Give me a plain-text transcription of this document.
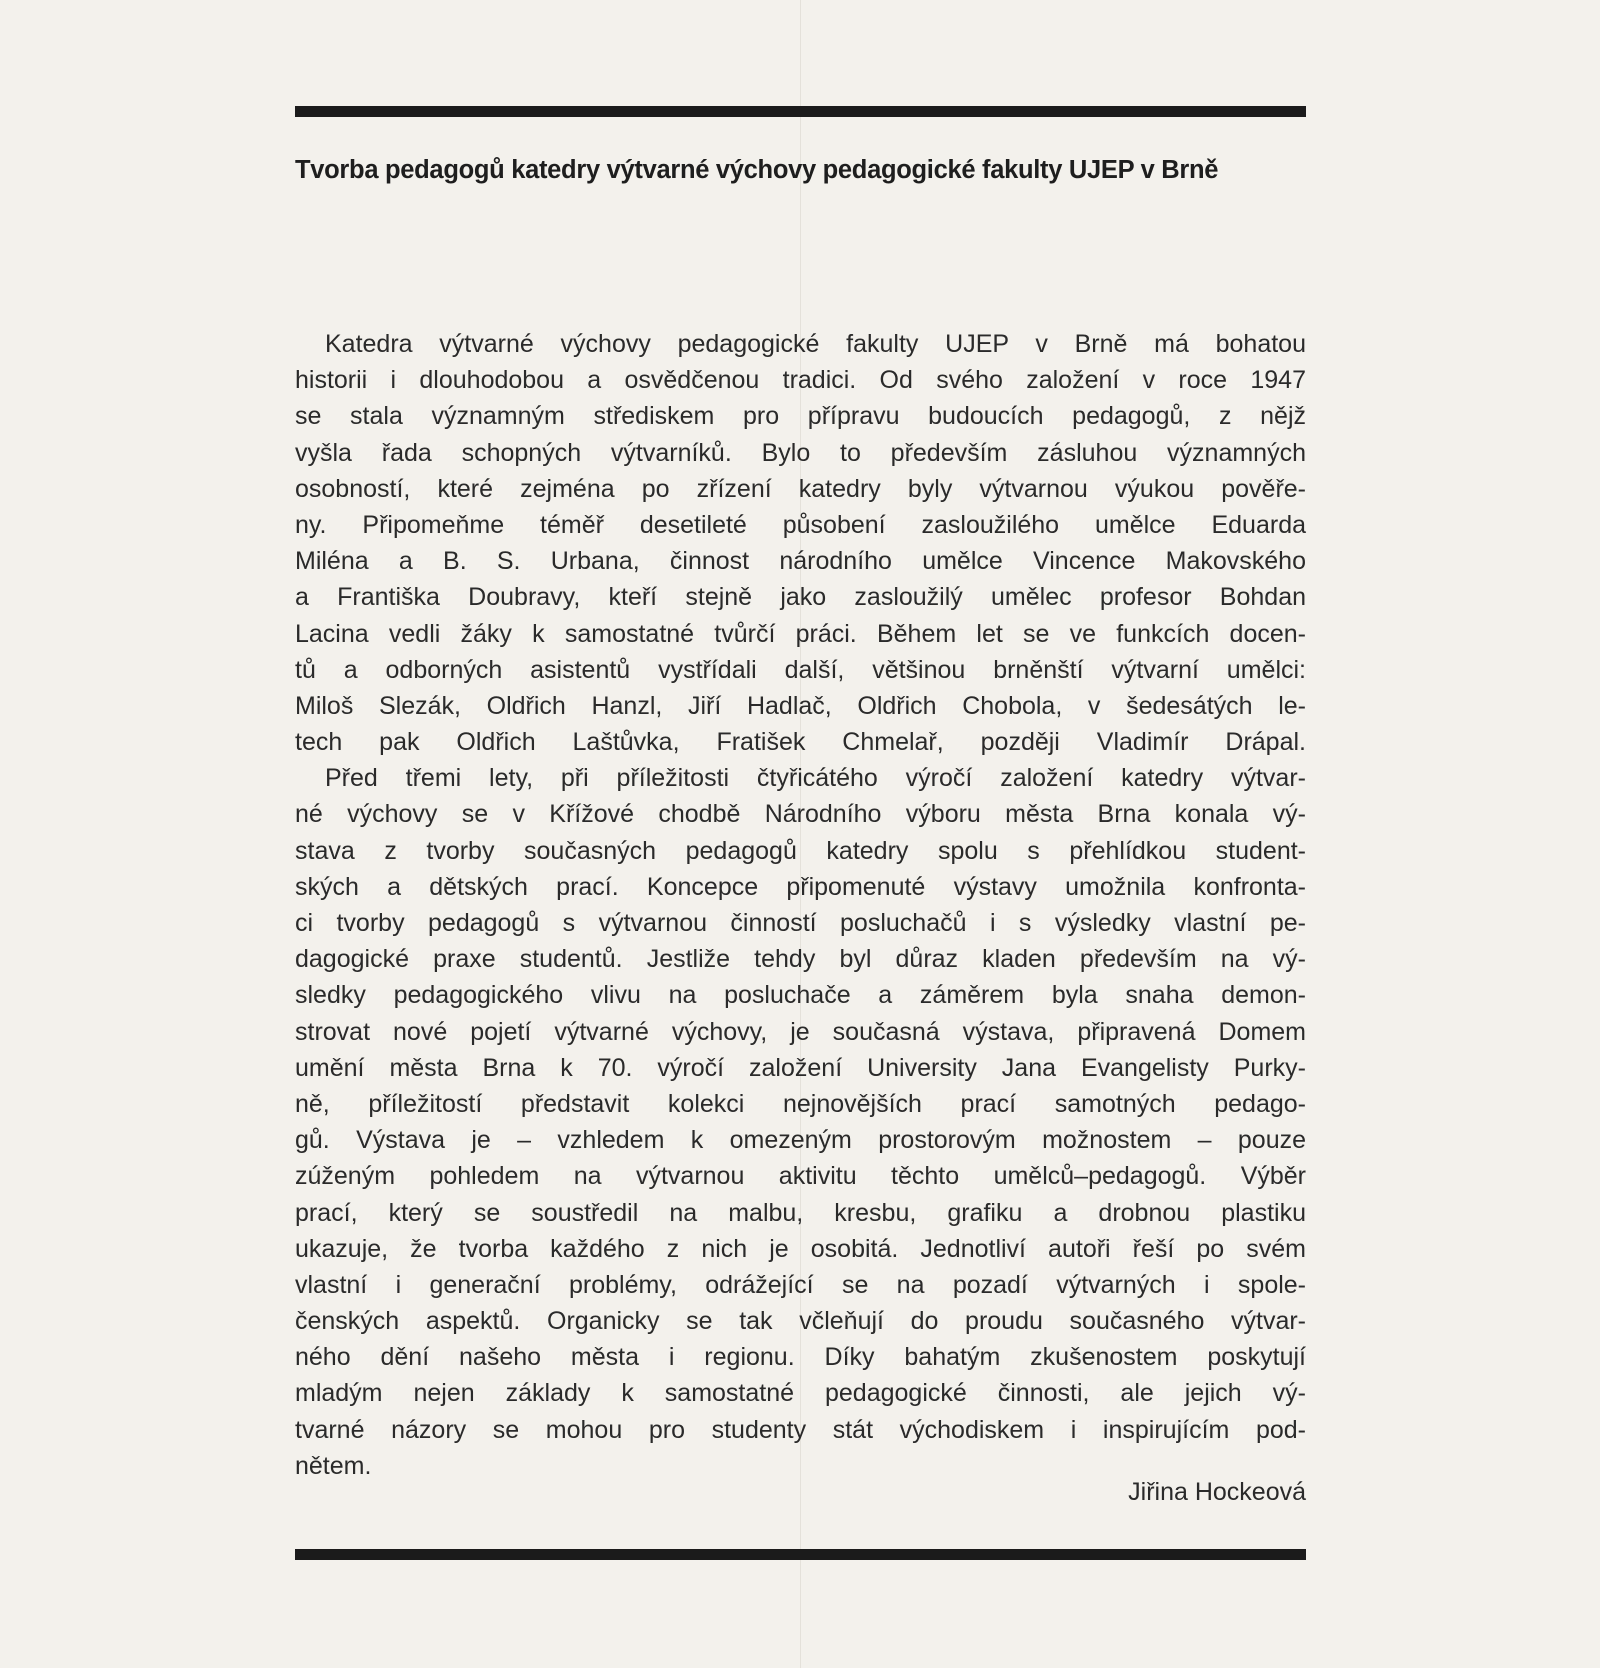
Tvorba pedagogů katedry výtvarné výchovy pedagogické fakulty UJEP v Brně
Katedra výtvarné výchovy pedagogické fakulty UJEP v Brně má bohatou
historii i dlouhodobou a osvědčenou tradici. Od svého založení v roce 1947
se stala významným střediskem pro přípravu budoucích pedagogů, z nějž
vyšla řada schopných výtvarníků. Bylo to především zásluhou významných
osobností, které zejména po zřízení katedry byly výtvarnou výukou pověře-
ny. Připomeňme téměř desetileté působení zasloužilého umělce Eduarda
Miléna a B. S. Urbana, činnost národního umělce Vincence Makovského
a Františka Doubravy, kteří stejně jako zasloužilý umělec profesor Bohdan
Lacina vedli žáky k samostatné tvůrčí práci. Během let se ve funkcích docen-
tů a odborných asistentů vystřídali další, většinou brněnští výtvarní umělci:
Miloš Slezák, Oldřich Hanzl, Jiří Hadlač, Oldřich Chobola, v šedesátých le-
tech pak Oldřich Laštůvka, Fratišek Chmelař, později Vladimír Drápal.
Před třemi lety, při příležitosti čtyřicátého výročí založení katedry výtvar-
né výchovy se v Křížové chodbě Národního výboru města Brna konala vý-
stava z tvorby současných pedagogů katedry spolu s přehlídkou student-
ských a dětských prací. Koncepce připomenuté výstavy umožnila konfronta-
ci tvorby pedagogů s výtvarnou činností posluchačů i s výsledky vlastní pe-
dagogické praxe studentů. Jestliže tehdy byl důraz kladen především na vý-
sledky pedagogického vlivu na posluchače a záměrem byla snaha demon-
strovat nové pojetí výtvarné výchovy, je současná výstava, připravená Domem
umění města Brna k 70. výročí založení University Jana Evangelisty Purky-
ně, příležitostí představit kolekci nejnovějších prací samotných pedago-
gů. Výstava je – vzhledem k omezeným prostorovým možnostem – pouze
zúženým pohledem na výtvarnou aktivitu těchto umělců–pedagogů. Výběr
prací, který se soustředil na malbu, kresbu, grafiku a drobnou plastiku
ukazuje, že tvorba každého z nich je osobitá. Jednotliví autoři řeší po svém
vlastní i generační problémy, odrážející se na pozadí výtvarných i spole-
čenských aspektů. Organicky se tak včleňují do proudu současného výtvar-
ného dění našeho města i regionu. Díky bahatým zkušenostem poskytují
mladým nejen základy k samostatné pedagogické činnosti, ale jejich vý-
tvarné názory se mohou pro studenty stát východiskem i inspirujícím pod-
nětem.
Jiřina Hockeová
